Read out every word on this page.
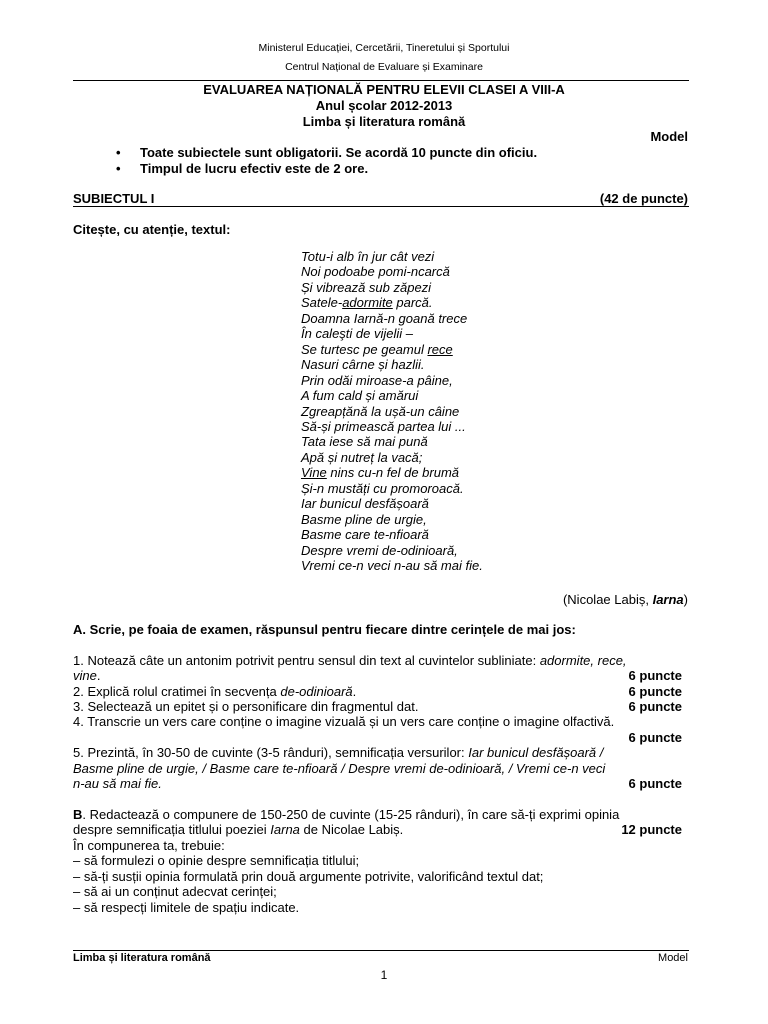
Ministerul Educației, Cercetării, Tineretului și Sportului
Centrul Național de Evaluare și Examinare
EVALUAREA NAȚIONALĂ PENTRU ELEVII CLASEI A VIII-A
Anul școlar 2012-2013
Limba și literatura română
Model
• Toate subiectele sunt obligatorii. Se acordă 10 puncte din oficiu.
• Timpul de lucru efectiv este de 2 ore.
SUBIECTUL I	(42 de puncte)
Citește, cu atenție, textul:
Totu-i alb în jur cât vezi
Noi podoabe pomi-ncarcă
Și vibrează sub zăpezi
Satele-adormite parcă.
Doamna Iarnă-n goană trece
În caleşti de vijelii –
Se turtesc pe geamul rece
Nasuri cârne și hazlii.
Prin odăi miroase-a pâine,
A fum cald și amărui
Zgreapțănă la ușă-un câine
Să-și primească partea lui ...
Tata iese să mai pună
Apă și nutreț la vacă;
Vine nins cu-n fel de brumă
Și-n mustăți cu promoroacă.
Iar bunicul desfășoară
Basme pline de urgie,
Basme care te-nfioară
Despre vremi de-odinioară,
Vremi ce-n veci n-au să mai fie.
(Nicolae Labiș, Iarna)
A. Scrie, pe foaia de examen, răspunsul pentru fiecare dintre cerințele de mai jos:
1. Notează câte un antonim potrivit pentru sensul din text al cuvintelor subliniate: adormite, rece,
vine.	6 puncte
2. Explică rolul cratimei în secvența de-odinioară.	6 puncte
3. Selectează un epitet și o personificare din fragmentul dat.	6 puncte
4. Transcrie un vers care conține o imagine vizuală și un vers care conține o imagine olfactivă.
6 puncte
5. Prezintă, în 30-50 de cuvinte (3-5 rânduri), semnificația versurilor: Iar bunicul desfășoară /
Basme pline de urgie, / Basme care te-nfioară / Despre vremi de-odinioară, / Vremi ce-n veci
n-au să mai fie.	6 puncte
B. Redactează o compunere de 150-250 de cuvinte (15-25 rânduri), în care să-ți exprimi opinia
despre semnificația titlului poeziei Iarna de Nicolae Labiș.	12 puncte
În compunerea ta, trebuie:
– să formulezi o opinie despre semnificația titlului;
– să-ți susții opinia formulată prin două argumente potrivite, valorificând textul dat;
– să ai un conținut adecvat cerinței;
– să respecți limitele de spațiu indicate.
Limba și literatura română	Model
1
